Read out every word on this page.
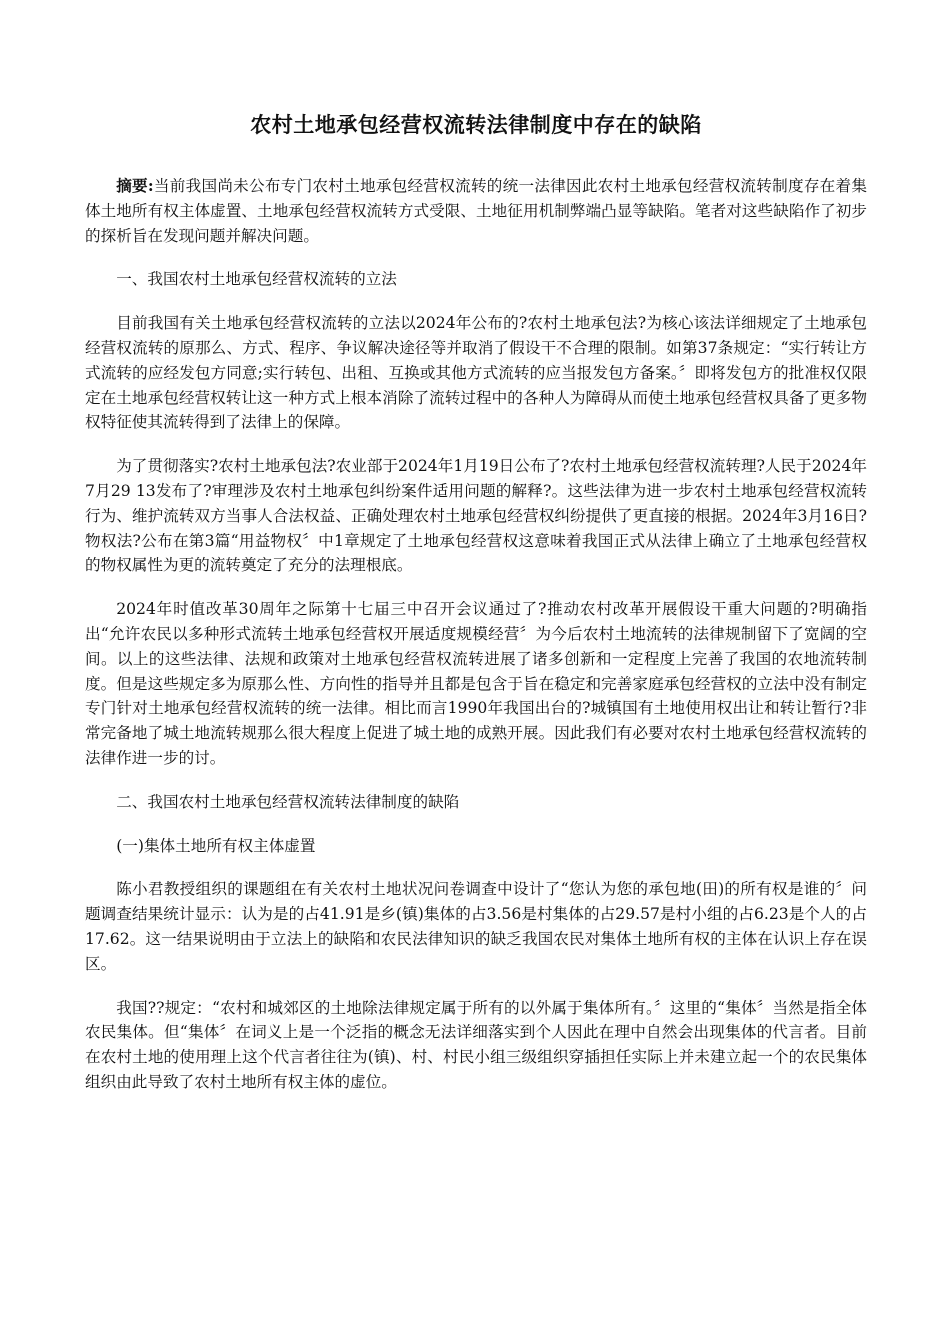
农村土地承包经营权流转法律制度中存在的缺陷

摘要:当前我国尚未公布专门农村土地承包经营权流转的统一法律因此农村土地承包经营权流转制度存在着集体土地所有权主体虚置、土地承包经营权流转方式受限、土地征用机制弊端凸显等缺陷。笔者对这些缺陷作了初步的探析旨在发现问题并解决问题。

一、我国农村土地承包经营权流转的立法

目前我国有关土地承包经营权流转的立法以2024年公布的?农村土地承包法?为核心该法详细规定了土地承包经营权流转的原那么、方式、程序、争议解决途径等并取消了假设干不合理的限制。如第37条规定：“实行转让方式流转的应经发包方同意;实行转包、出租、互换或其他方式流转的应当报发包方备案。〞即将发包方的批准权仅限定在土地承包经营权转让这一种方式上根本消除了流转过程中的各种人为障碍从而使土地承包经营权具备了更多物权特征使其流转得到了法律上的保障。

为了贯彻落实?农村土地承包法?农业部于2024年1月19日公布了?农村土地承包经营权流转理?人民于2024年7月29 13发布了?审理涉及农村土地承包纠纷案件适用问题的解释?。这些法律为进一步农村土地承包经营权流转行为、维护流转双方当事人合法权益、正确处理农村土地承包经营权纠纷提供了更直接的根据。2024年3月16日?物权法?公布在第3篇“用益物权〞中1章规定了土地承包经营权这意味着我国正式从法律上确立了土地承包经营权的物权属性为更的流转奠定了充分的法理根底。

2024年时值改革30周年之际第十七届三中召开会议通过了?推动农村改革开展假设干重大问题的?明确指出“允许农民以多种形式流转土地承包经营权开展适度规模经营〞为今后农村土地流转的法律规制留下了宽阔的空间。以上的这些法律、法规和政策对土地承包经营权流转进展了诸多创新和一定程度上完善了我国的农地流转制度。但是这些规定多为原那么性、方向性的指导并且都是包含于旨在稳定和完善家庭承包经营权的立法中没有制定专门针对土地承包经营权流转的统一法律。相比而言1990年我国出台的?城镇国有土地使用权出让和转让暂行?非常完备地了城土地流转规那么很大程度上促进了城土地的成熟开展。因此我们有必要对农村土地承包经营权流转的法律作进一步的讨。

二、我国农村土地承包经营权流转法律制度的缺陷

(一)集体土地所有权主体虚置

陈小君教授组织的课题组在有关农村土地状况问卷调查中设计了“您认为您的承包地(田)的所有权是谁的〞问题调查结果统计显示：认为是的占41.91是乡(镇)集体的占3.56是村集体的占29.57是村小组的占6.23是个人的占17.62。这一结果说明由于立法上的缺陷和农民法律知识的缺乏我国农民对集体土地所有权的主体在认识上存在误区。

我国??规定：“农村和城郊区的土地除法律规定属于所有的以外属于集体所有。〞这里的“集体〞当然是指全体农民集体。但“集体〞在词义上是一个泛指的概念无法详细落实到个人因此在理中自然会出现集体的代言者。目前在农村土地的使用理上这个代言者往往为(镇)、村、村民小组三级组织穿插担任实际上并未建立起一个的农民集体组织由此导致了农村土地所有权主体的虚位。
